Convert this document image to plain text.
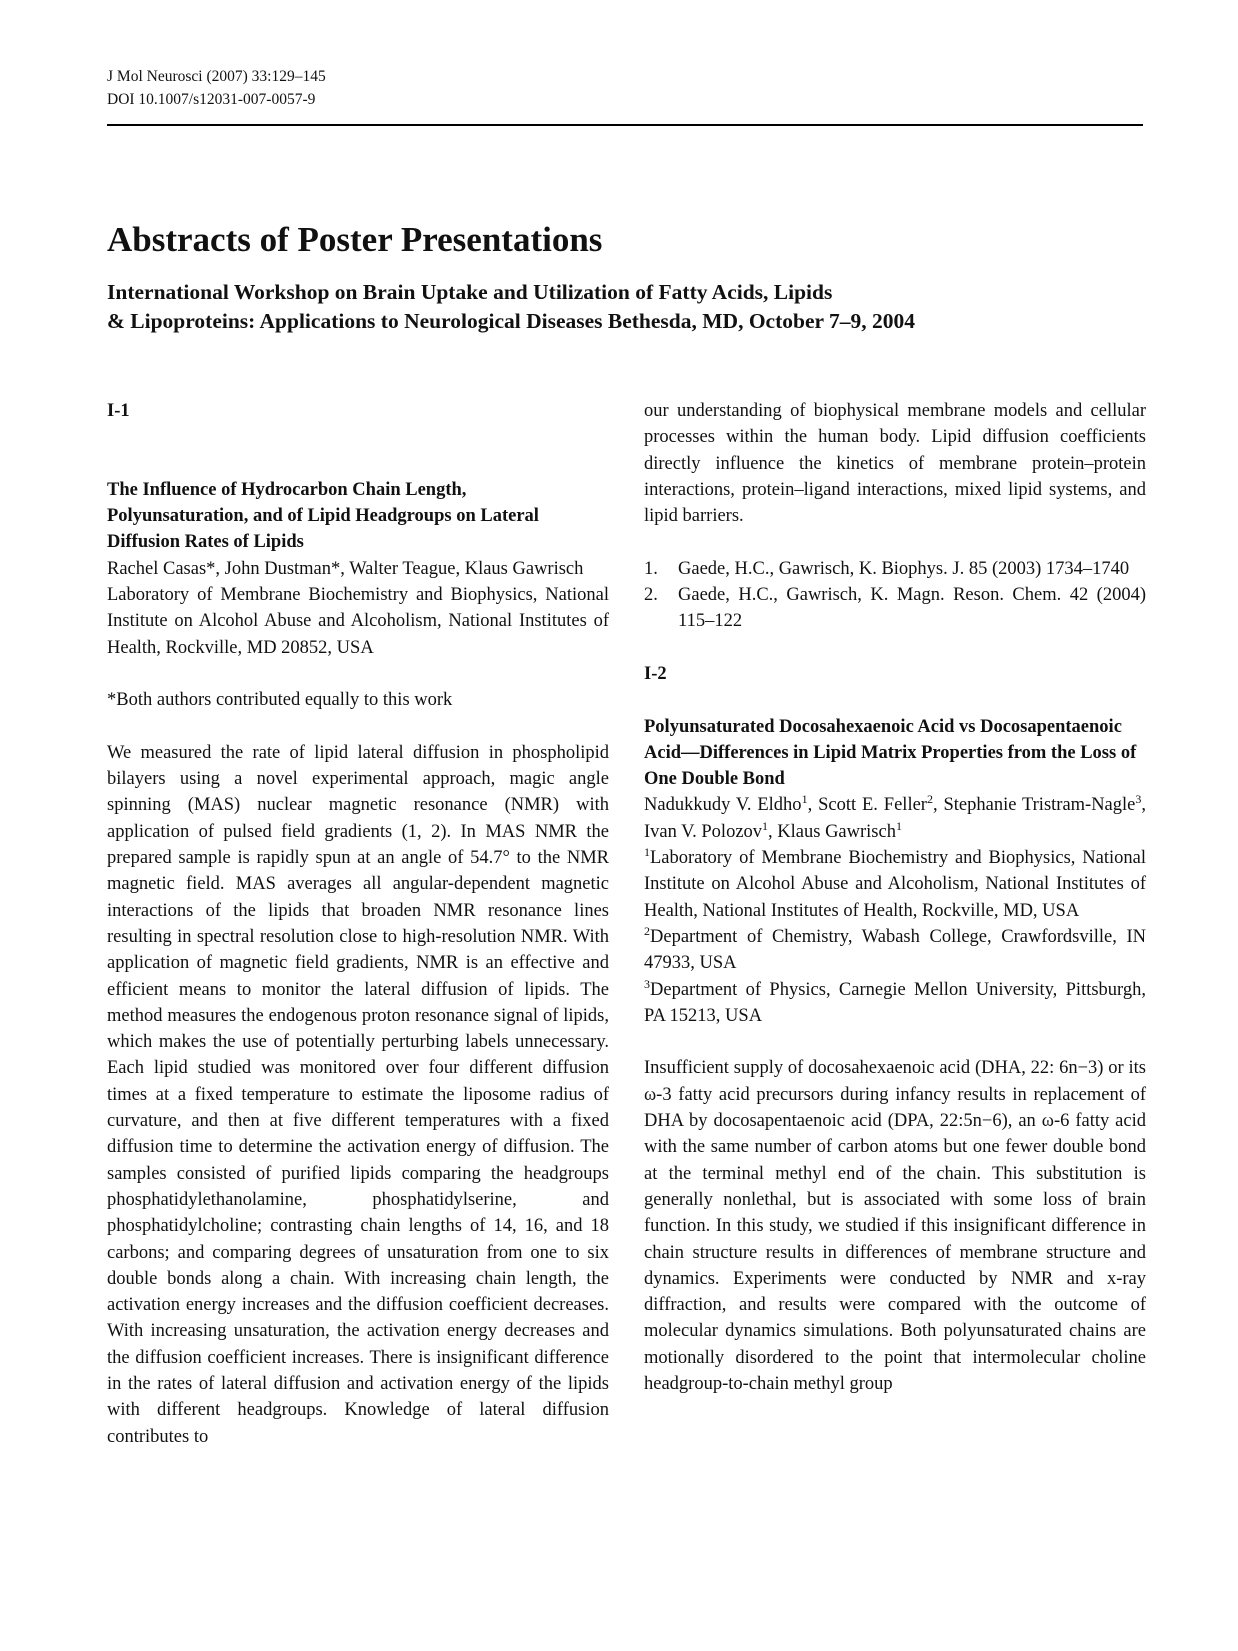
J Mol Neurosci (2007) 33:129–145
DOI 10.1007/s12031-007-0057-9
Abstracts of Poster Presentations
International Workshop on Brain Uptake and Utilization of Fatty Acids, Lipids
& Lipoproteins: Applications to Neurological Diseases Bethesda, MD, October 7–9, 2004

I-1

The Influence of Hydrocarbon Chain Length, Polyunsaturation, and of Lipid Headgroups on Lateral Diffusion Rates of Lipids

Rachel Casas*, John Dustman*, Walter Teague, Klaus Gawrisch

Laboratory of Membrane Biochemistry and Biophysics, National Institute on Alcohol Abuse and Alcoholism, National Institutes of Health, Rockville, MD 20852, USA

*Both authors contributed equally to this work

We measured the rate of lipid lateral diffusion in phospholipid bilayers using a novel experimental approach, magic angle spinning (MAS) nuclear magnetic resonance (NMR) with application of pulsed field gradients (1, 2). In MAS NMR the prepared sample is rapidly spun at an angle of 54.7° to the NMR magnetic field. MAS averages all angular-dependent magnetic interactions of the lipids that broaden NMR resonance lines resulting in spectral resolution close to high-resolution NMR. With application of magnetic field gradients, NMR is an effective and efficient means to monitor the lateral diffusion of lipids. The method measures the endogenous proton resonance signal of lipids, which makes the use of potentially perturbing labels unnecessary. Each lipid studied was monitored over four different diffusion times at a fixed temperature to estimate the liposome radius of curvature, and then at five different temperatures with a fixed diffusion time to determine the activation energy of diffusion. The samples consisted of purified lipids comparing the headgroups phosphatidylethanolamine, phosphatidylserine, and phosphatidylcholine; contrasting chain lengths of 14, 16, and 18 carbons; and comparing degrees of unsaturation from one to six double bonds along a chain. With increasing chain length, the activation energy increases and the diffusion coefficient decreases. With increasing unsaturation, the activation energy decreases and the diffusion coefficient increases. There is insignificant difference in the rates of lateral diffusion and activation energy of the lipids with different headgroups. Knowledge of lateral diffusion contributes to

our understanding of biophysical membrane models and cellular processes within the human body. Lipid diffusion coefficients directly influence the kinetics of membrane protein–protein interactions, protein–ligand interactions, mixed lipid systems, and lipid barriers.

1.	Gaede, H.C., Gawrisch, K. Biophys. J. 85 (2003) 1734–1740
2.	Gaede, H.C., Gawrisch, K. Magn. Reson. Chem. 42 (2004) 115–122

I-2

Polyunsaturated Docosahexaenoic Acid vs Docosapentaenoic Acid—Differences in Lipid Matrix Properties from the Loss of One Double Bond

Nadukkudy V. Eldho$^1$, Scott E. Feller$^2$, Stephanie Tristram-Nagle$^3$, Ivan V. Polozov$^1$, Klaus Gawrisch$^1$

$^1$Laboratory of Membrane Biochemistry and Biophysics, National Institute on Alcohol Abuse and Alcoholism, National Institutes of Health, National Institutes of Health, Rockville, MD, USA

$^2$Department of Chemistry, Wabash College, Crawfordsville, IN 47933, USA

$^3$Department of Physics, Carnegie Mellon University, Pittsburgh, PA 15213, USA

Insufficient supply of docosahexaenoic acid (DHA, 22: 6n−3) or its ω-3 fatty acid precursors during infancy results in replacement of DHA by docosapentaenoic acid (DPA, 22:5n−6), an ω-6 fatty acid with the same number of carbon atoms but one fewer double bond at the terminal methyl end of the chain. This substitution is generally nonlethal, but is associated with some loss of brain function. In this study, we studied if this insignificant difference in chain structure results in differences of membrane structure and dynamics. Experiments were conducted by NMR and x-ray diffraction, and results were compared with the outcome of molecular dynamics simulations. Both polyunsaturated chains are motionally disordered to the point that intermolecular choline headgroup-to-chain methyl group
